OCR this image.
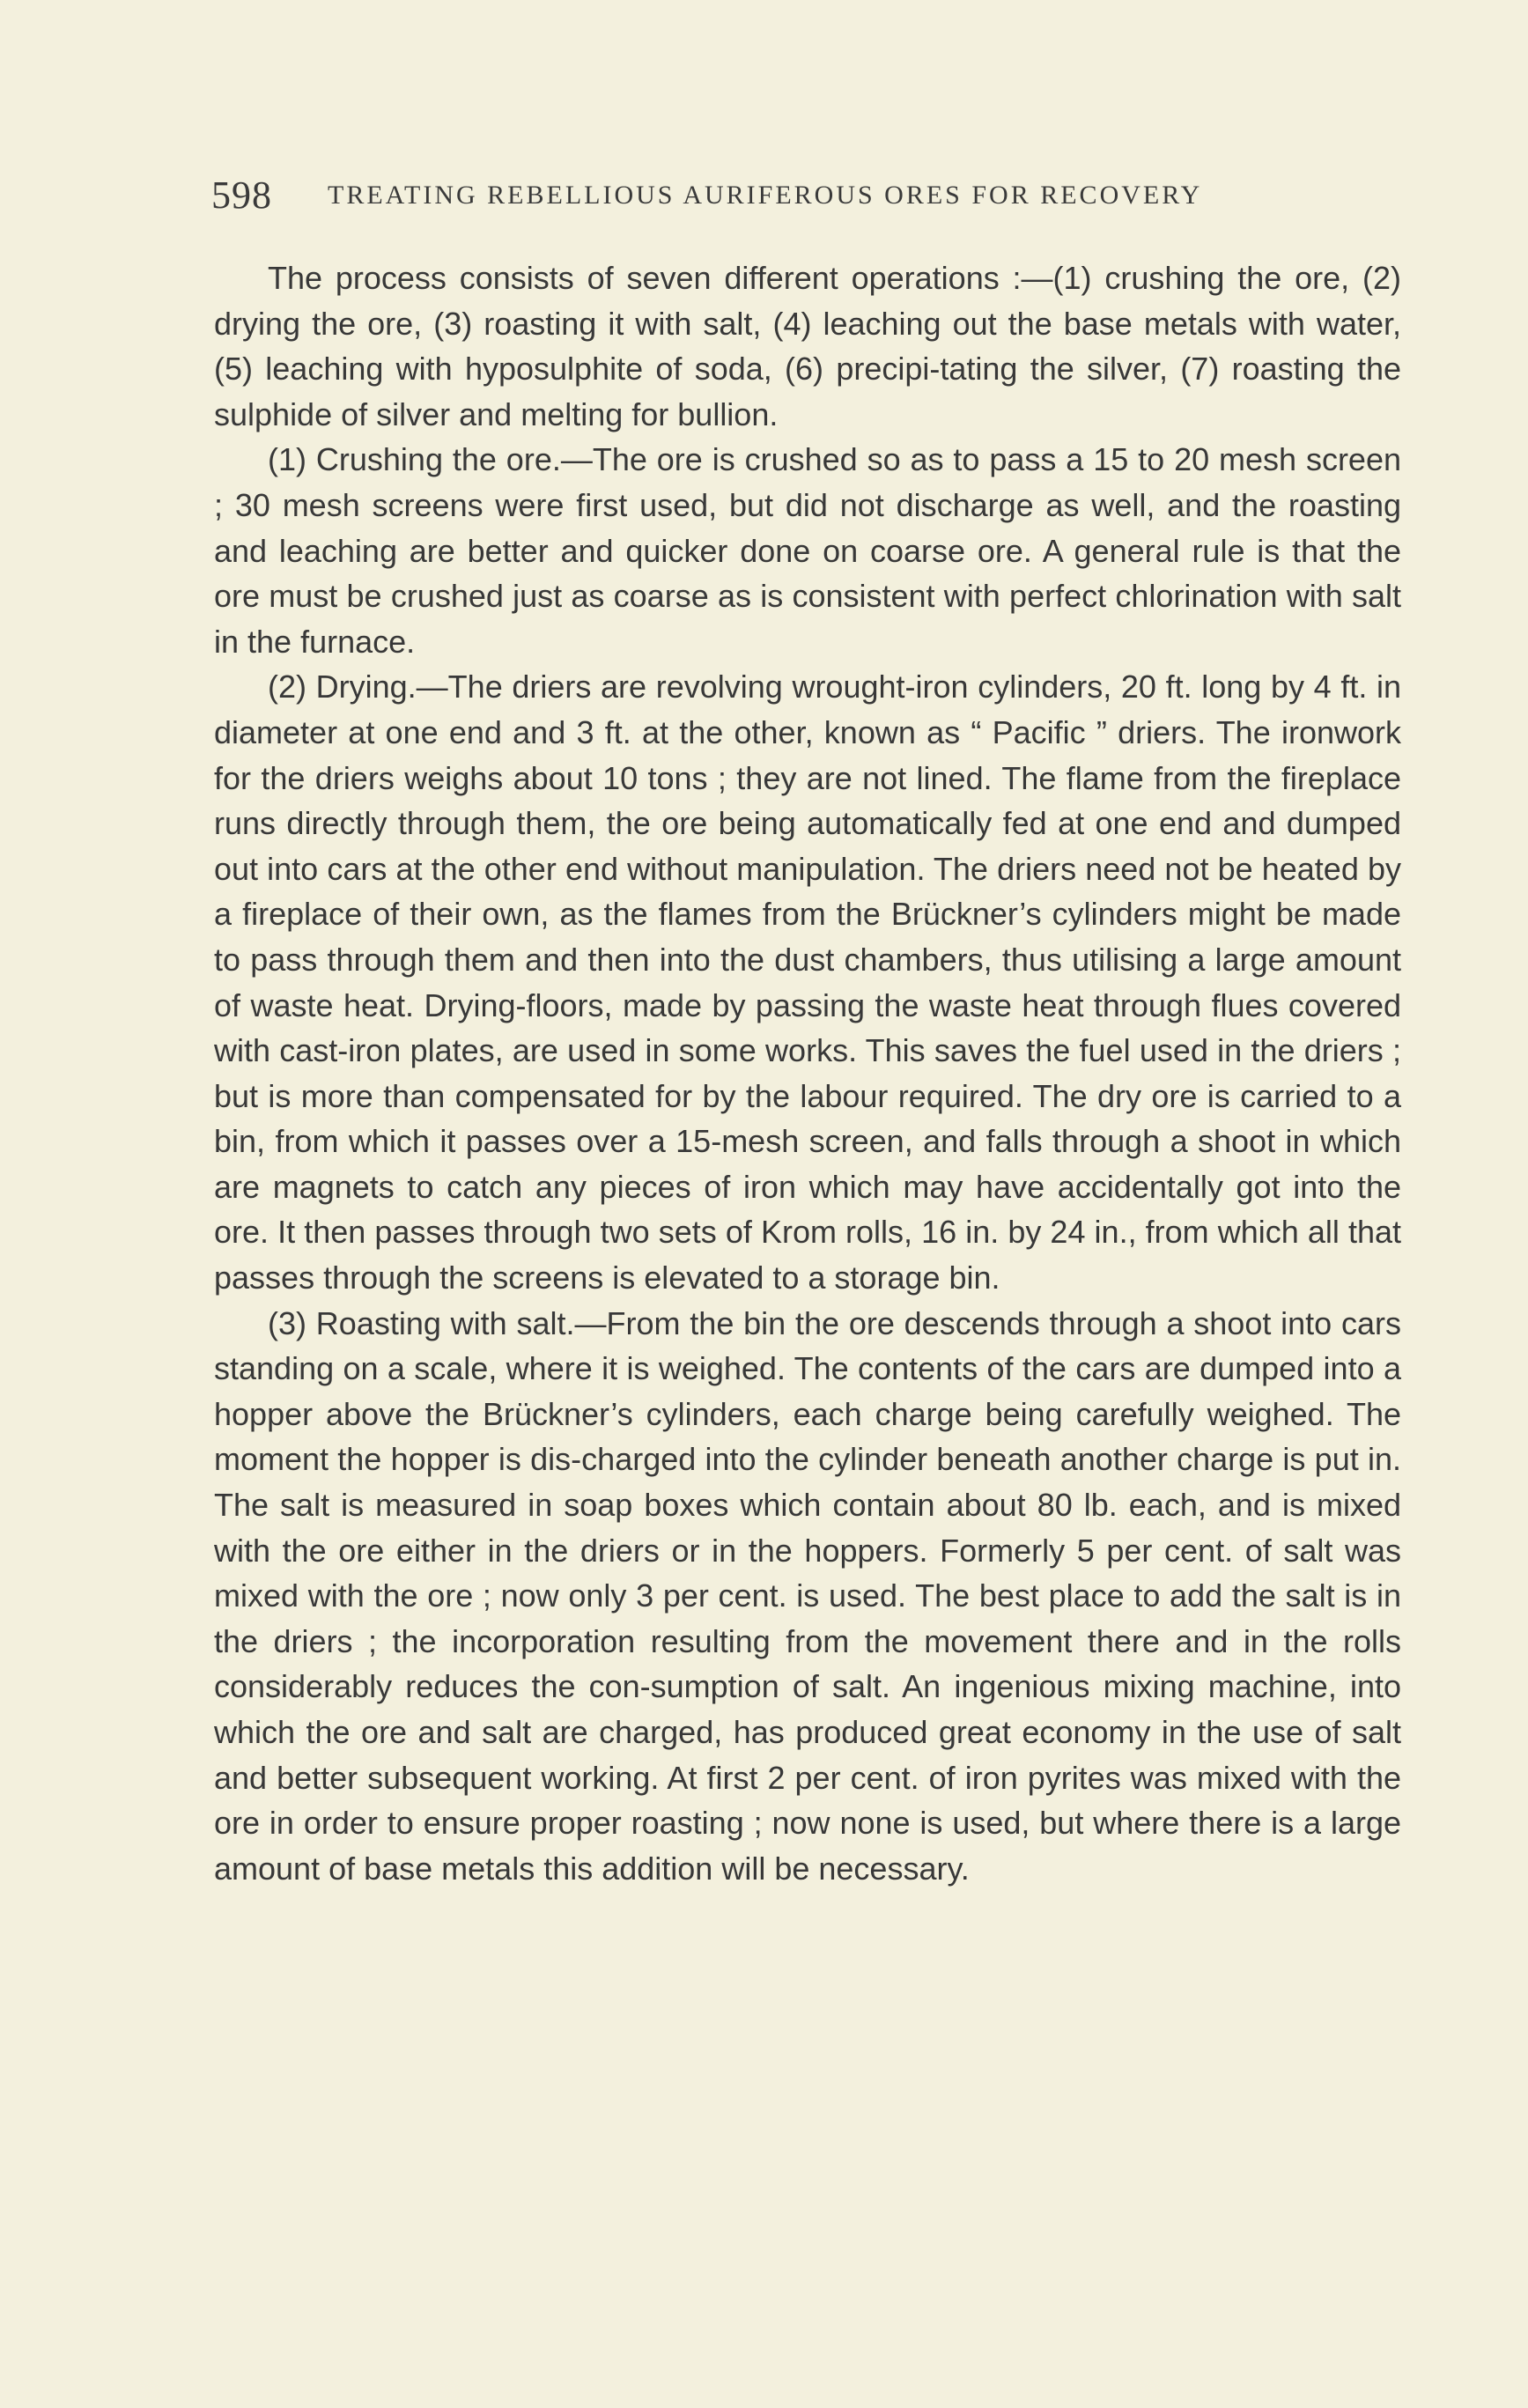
598 TREATING REBELLIOUS AURIFEROUS ORES FOR RECOVERY

The process consists of seven different operations :—(1) crushing the ore, (2) drying the ore, (3) roasting it with salt, (4) leaching out the base metals with water, (5) leaching with hyposulphite of soda, (6) precipi-tating the silver, (7) roasting the sulphide of silver and melting for bullion.

(1) Crushing the ore.—The ore is crushed so as to pass a 15 to 20 mesh screen ; 30 mesh screens were first used, but did not discharge as well, and the roasting and leaching are better and quicker done on coarse ore. A general rule is that the ore must be crushed just as coarse as is consistent with perfect chlorination with salt in the furnace.

(2) Drying.—The driers are revolving wrought-iron cylinders, 20 ft. long by 4 ft. in diameter at one end and 3 ft. at the other, known as “ Pacific ” driers. The ironwork for the driers weighs about 10 tons ; they are not lined. The flame from the fireplace runs directly through them, the ore being automatically fed at one end and dumped out into cars at the other end without manipulation. The driers need not be heated by a fireplace of their own, as the flames from the Brückner’s cylinders might be made to pass through them and then into the dust chambers, thus utilising a large amount of waste heat. Drying-floors, made by passing the waste heat through flues covered with cast-iron plates, are used in some works. This saves the fuel used in the driers ; but is more than compensated for by the labour required. The dry ore is carried to a bin, from which it passes over a 15-mesh screen, and falls through a shoot in which are magnets to catch any pieces of iron which may have accidentally got into the ore. It then passes through two sets of Krom rolls, 16 in. by 24 in., from which all that passes through the screens is elevated to a storage bin.

(3) Roasting with salt.—From the bin the ore descends through a shoot into cars standing on a scale, where it is weighed. The contents of the cars are dumped into a hopper above the Brückner’s cylinders, each charge being carefully weighed. The moment the hopper is dis-charged into the cylinder beneath another charge is put in. The salt is measured in soap boxes which contain about 80 lb. each, and is mixed with the ore either in the driers or in the hoppers. Formerly 5 per cent. of salt was mixed with the ore ; now only 3 per cent. is used. The best place to add the salt is in the driers ; the incorporation resulting from the movement there and in the rolls considerably reduces the con-sumption of salt. An ingenious mixing machine, into which the ore and salt are charged, has produced great economy in the use of salt and better subsequent working. At first 2 per cent. of iron pyrites was mixed with the ore in order to ensure proper roasting ; now none is used, but where there is a large amount of base metals this addition will be necessary.
